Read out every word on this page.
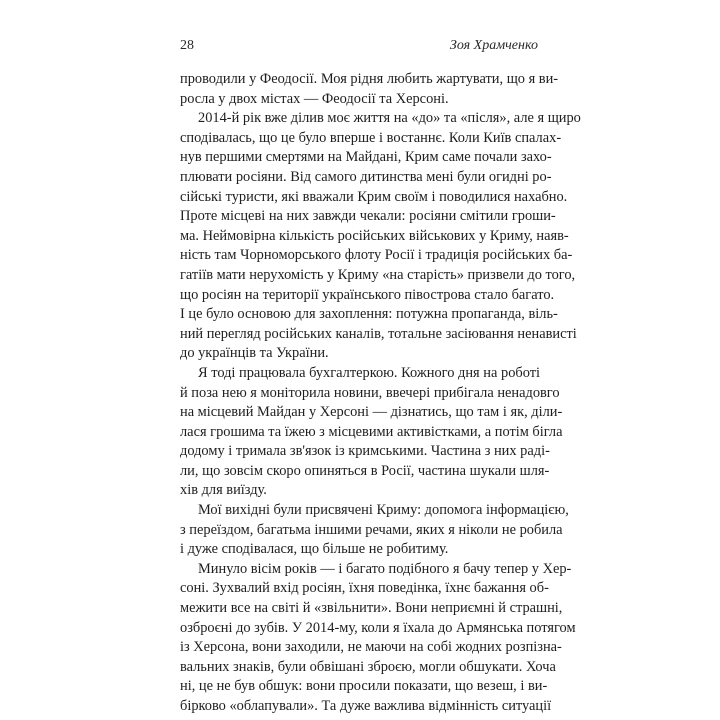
28	Зоя Храмченко
проводили у Феодосії. Моя рідня любить жартувати, що я ви-
росла у двох містах — Феодосії та Херсоні.
2014-й рік вже ділив моє життя на «до» та «після», але я щиро
сподівалась, що це було вперше і востаннє. Коли Київ спалах-
нув першими смертями на Майдані, Крим саме почали захо-
плювати росіяни. Від самого дитинства мені були огидні ро-
сійські туристи, які вважали Крим своїм і поводилися нахабно.
Проте місцеві на них завжди чекали: росіяни смітили гроши-
ма. Неймовірна кількість російських військових у Криму, наяв-
ність там Чорноморського флоту Росії і традиція російських ба-
гатіїв мати нерухомість у Криму «на старість» призвели до того,
що росіян на території українського півострова стало багато.
І це було основою для захоплення: потужна пропаганда, віль-
ний перегляд російських каналів, тотальне засіювання ненависті
до українців та України.
Я тоді працювала бухгалтеркою. Кожного дня на роботі
й поза нею я моніторила новини, ввечері прибігала ненадовго
на місцевий Майдан у Херсоні — дізнатись, що там і як, діли-
лася грошима та їжею з місцевими активістками, а потім бігла
додому і тримала зв'язок із кримськими. Частина з них раді-
ли, що зовсім скоро опиняться в Росії, частина шукали шля-
хів для виїзду.
Мої вихідні були присвячені Криму: допомога інформацією,
з переїздом, багатьма іншими речами, яких я ніколи не робила
і дуже сподівалася, що більше не робитиму.
Минуло вісім років — і багато подібного я бачу тепер у Хер-
соні. Зухвалий вхід росіян, їхня поведінка, їхнє бажання об-
межити все на світі й «звільнити». Вони неприємні й страшні,
озброєні до зубів. У 2014-му, коли я їхала до Армянська потягом
із Херсона, вони заходили, не маючи на собі жодних розпізна-
вальних знаків, були обвішані зброєю, могли обшукати. Хоча
ні, це не був обшук: вони просили показати, що везеш, і ви-
бірково «облапували». Та дуже важлива відмінність ситуації
